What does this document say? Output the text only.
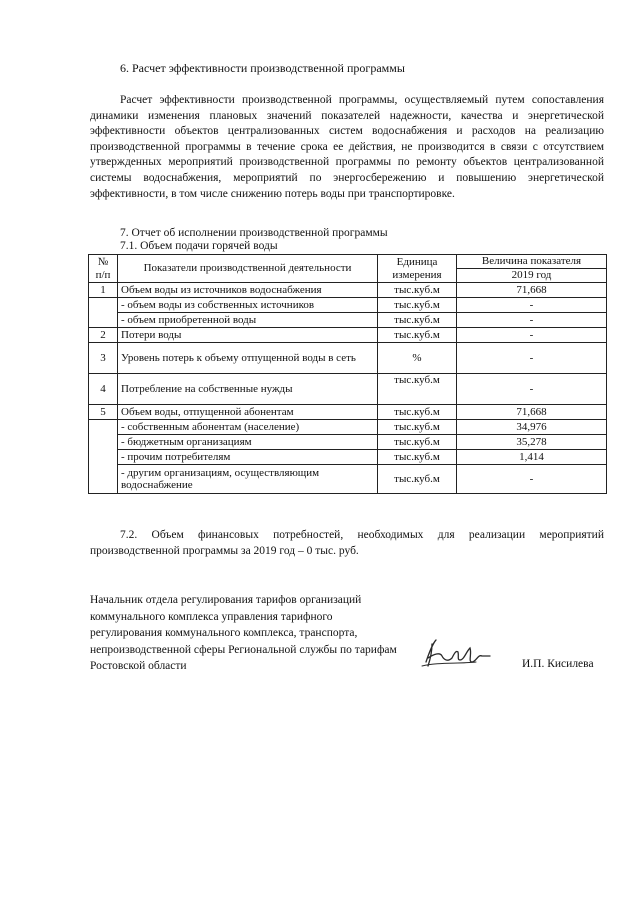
6. Расчет эффективности производственной программы

Расчет эффективности производственной программы, осуществляемый путем сопоставления динамики изменения плановых значений показателей надежности, качества и энергетической эффективности объектов централизованных систем водоснабжения и расходов на реализацию производственной программы в течение срока ее действия, не производится в связи с отсутствием утвержденных мероприятий производственной программы по ремонту объектов централизованной системы водоснабжения, мероприятий по энергосбережению и повышению энергетической эффективности, в том числе снижению потерь воды при транспортировке.

7. Отчет об исполнении производственной программы

7.1. Объем подачи горячей воды

№ п/п	Показатели производственной деятельности	Единица измерения	Величина показателя
			2019 год
1	Объем воды из источников водоснабжения	тыс.куб.м	71,668
	- объем воды из собственных источников	тыс.куб.м	-
	- объем приобретенной воды	тыс.куб.м	-
2	Потери воды	тыс.куб.м	-
3	Уровень потерь к объему отпущенной воды в сеть	%	-
4	Потребление на собственные нужды	тыс.куб.м	-
5	Объем воды, отпущенной абонентам	тыс.куб.м	71,668
	- собственным абонентам (население)	тыс.куб.м	34,976
	- бюджетным организациям	тыс.куб.м	35,278
	- прочим потребителям	тыс.куб.м	1,414
	- другим организациям, осуществляющим водоснабжение	тыс.куб.м	-

7.2. Объем финансовых потребностей, необходимых для реализации мероприятий производственной программы за 2019 год – 0 тыс. руб.

Начальник отдела регулирования тарифов организаций коммунального комплекса управления тарифного регулирования коммунального комплекса, транспорта, непроизводственной сферы Региональной службы по тарифам Ростовской области	И.П. Кисилева
